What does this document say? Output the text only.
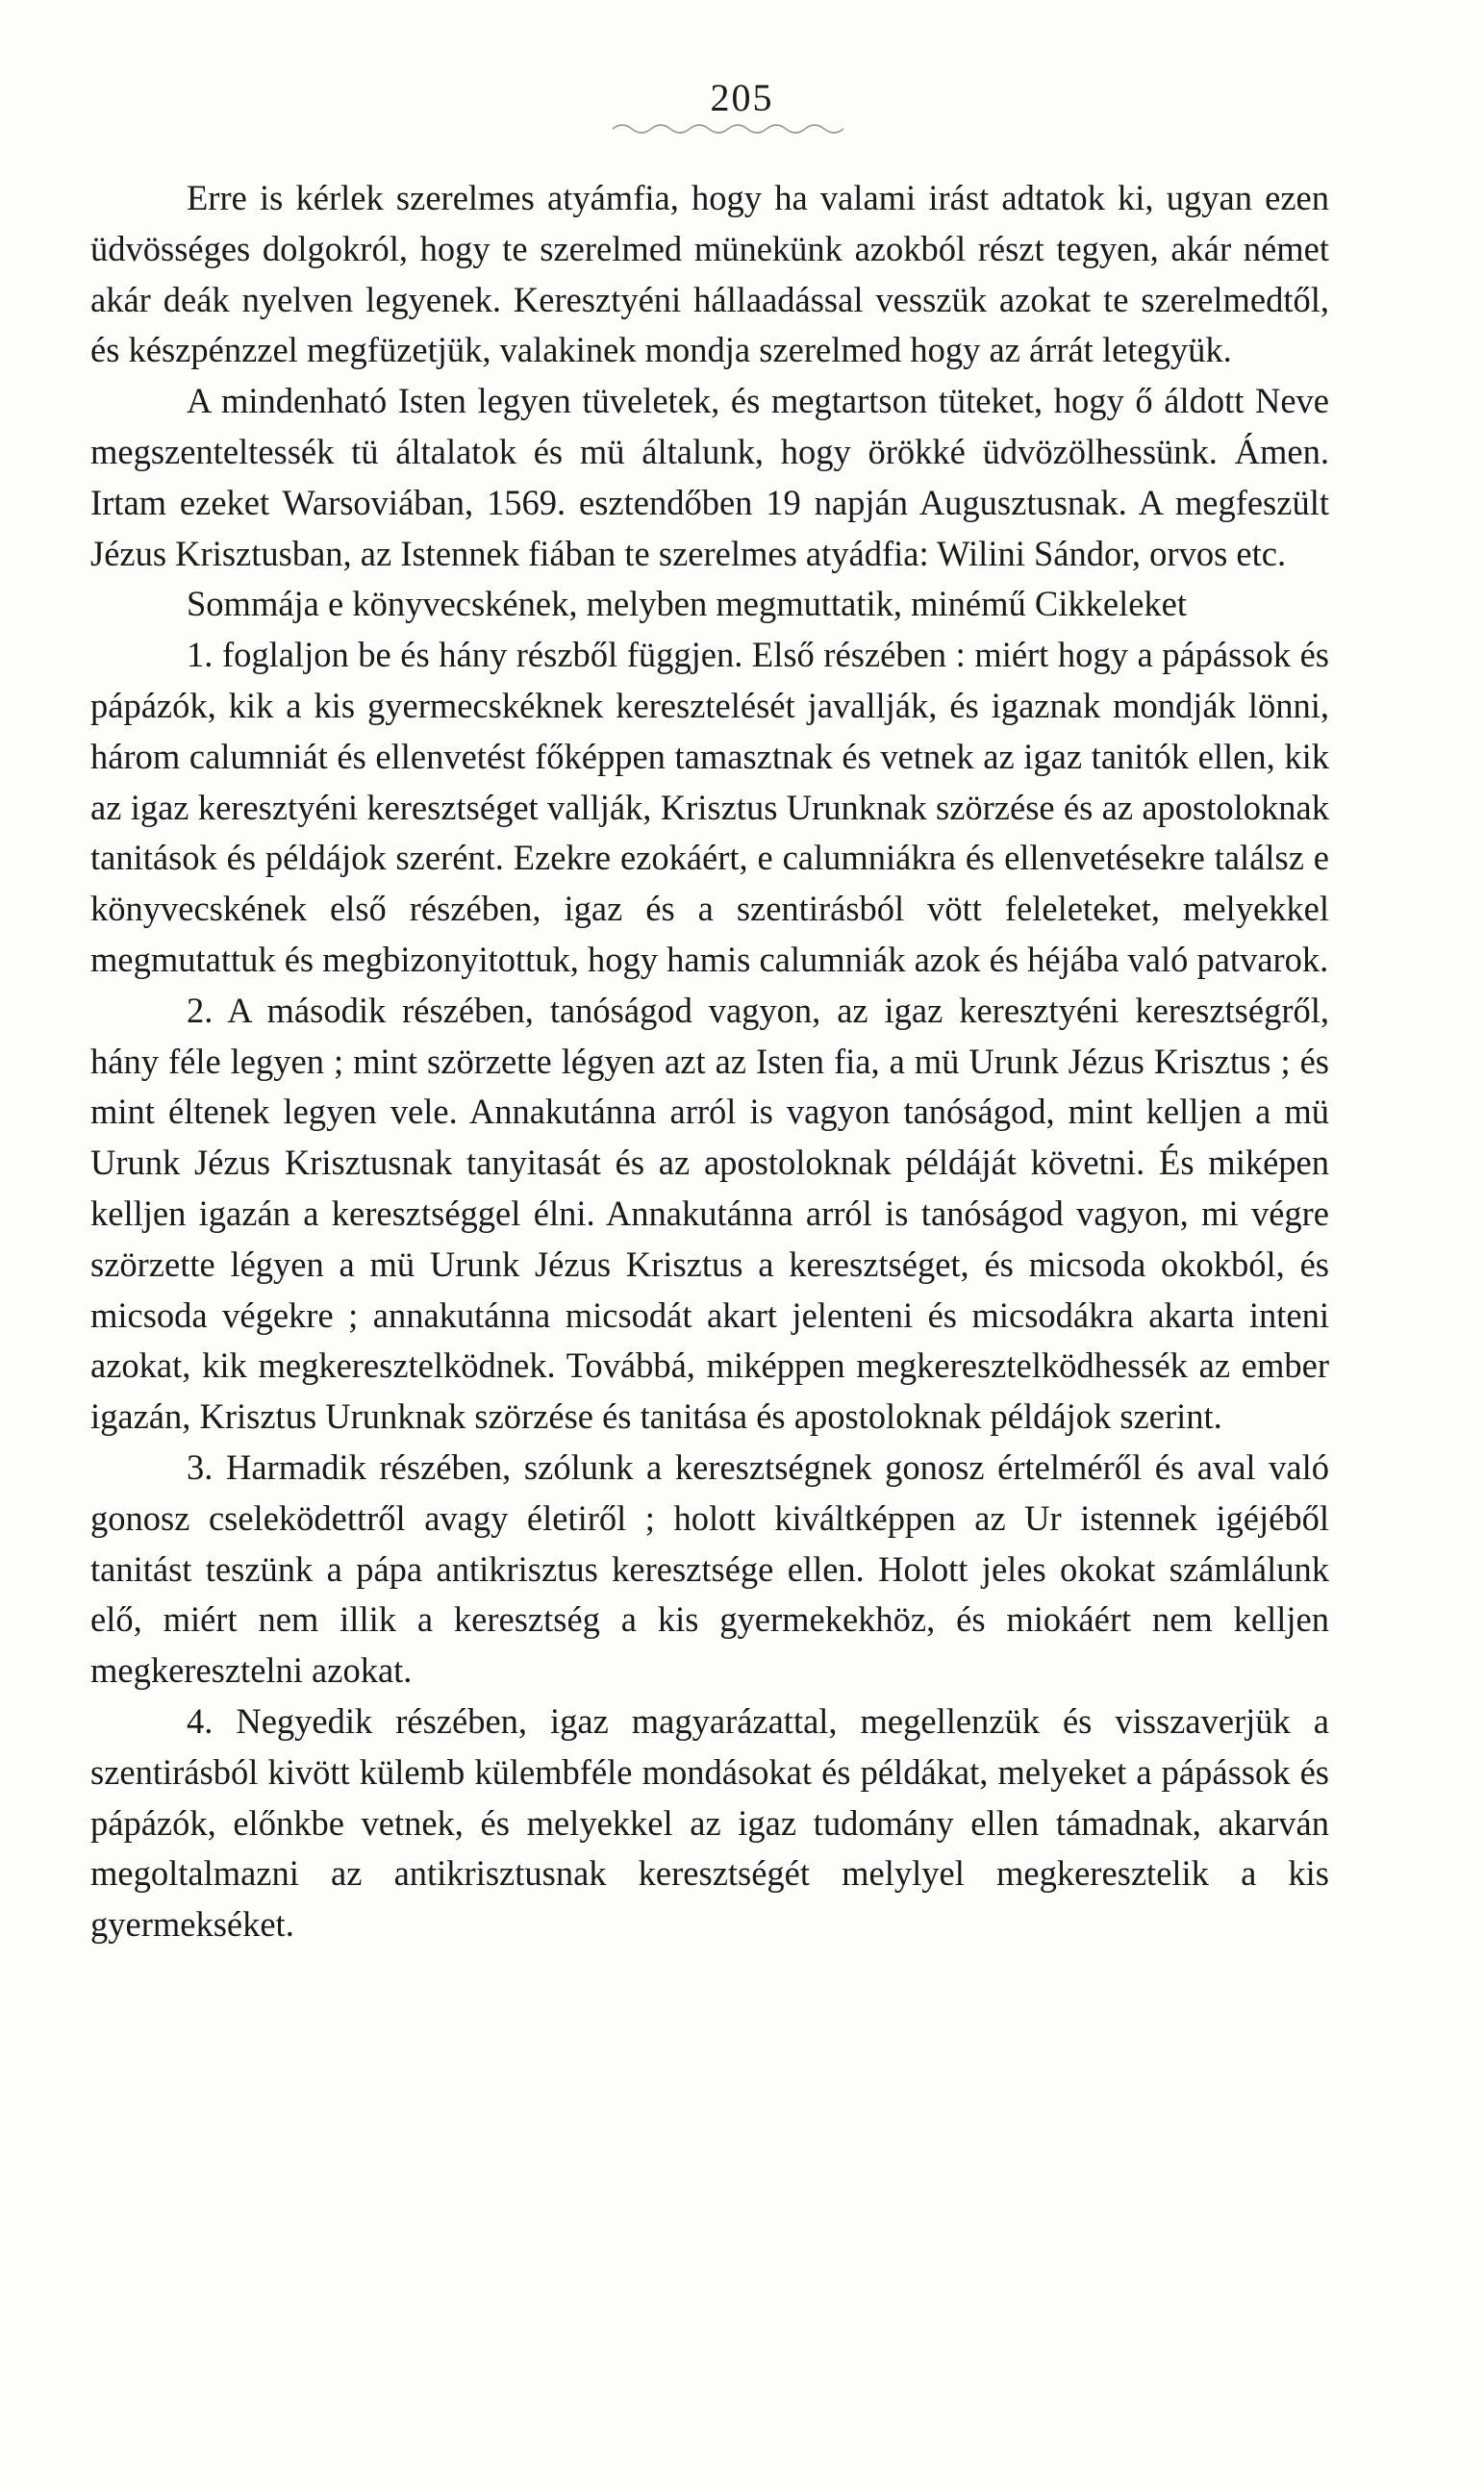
205

Erre is kérlek szerelmes atyámfia, hogy ha valami irást adtatok ki, ugyan ezen üdvösséges dolgokról, hogy te szerelmed münekünk azokból részt tegyen, akár német akár deák nyelven legyenek. Keresztyéni hállaadással vesszük azokat te szerelmedtől, és készpénzzel megfüzetjük, valakinek mondja szerelmed hogy az árrát letegyük.

A mindenható Isten legyen tüveletek, és megtartson tüteket, hogy ő áldott Neve megszenteltessék tü általatok és mü általunk, hogy örökké üdvözölhessünk. Ámen. Irtam ezeket Warsoviában, 1569. esztendőben 19 napján Augusztusnak. A megfeszült Jézus Krisztusban, az Istennek fiában te szerelmes atyádfia: Wilini Sándor, orvos etc.

Sommája e könyvecskének, melyben megmuttatik, minémű Cikkeleket

1. foglaljon be és hány részből függjen. Első részében : miért hogy a pápássok és pápázók, kik a kis gyermecskéknek keresztelését javallják, és igaznak mondják lönni, három calumniát és ellenvetést főképpen tamasztnak és vetnek az igaz tanitók ellen, kik az igaz keresztyéni keresztséget vallják, Krisztus Urunknak szörzése és az apostoloknak tanitások és példájok szerént. Ezekre ezokáért, e calumniákra és ellenvetésekre találsz e könyvecskének első részében, igaz és a szentirásból vött feleleteket, melyekkel megmutattuk és megbizonyitottuk, hogy hamis calumniák azok és héjába való patvarok.

2. A második részében, tanóságod vagyon, az igaz keresztyéni keresztségről, hány féle legyen ; mint szörzette légyen azt az Isten fia, a mü Urunk Jézus Krisztus ; és mint éltenek legyen vele. Annakutánna arról is vagyon tanóságod, mint kelljen a mü Urunk Jézus Krisztusnak tanyitasát és az apostoloknak példáját követni. És miképen kelljen igazán a keresztséggel élni. Annakutánna arról is tanóságod vagyon, mi végre szörzette légyen a mü Urunk Jézus Krisztus a keresztséget, és micsoda okokból, és micsoda végekre ; annakutánna micsodát akart jelenteni és micsodákra akarta inteni azokat, kik megkeresztelködnek. Továbbá, miképpen megkeresztelködhessék az ember igazán, Krisztus Urunknak szörzése és tanitása és apostoloknak példájok szerint.

3. Harmadik részében, szólunk a keresztségnek gonosz értelméről és aval való gonosz cseleködettről avagy életiről ; holott kiváltképpen az Ur istennek igéjéből tanitást teszünk a pápa antikrisztus keresztsége ellen. Holott jeles okokat számlálunk elő, miért nem illik a keresztség a kis gyermekekhöz, és miokáért nem kelljen megkeresztelni azokat.

4. Negyedik részében, igaz magyarázattal, megellenzük és visszaverjük a szentirásból kivött külemb külembféle mondásokat és példákat, melyeket a pápássok és pápázók, előnkbe vetnek, és melyekkel az igaz tudomány ellen támadnak, akarván megoltalmazni az antikrisztusnak keresztségét melylyel megkeresztelik a kis gyermekséket.
